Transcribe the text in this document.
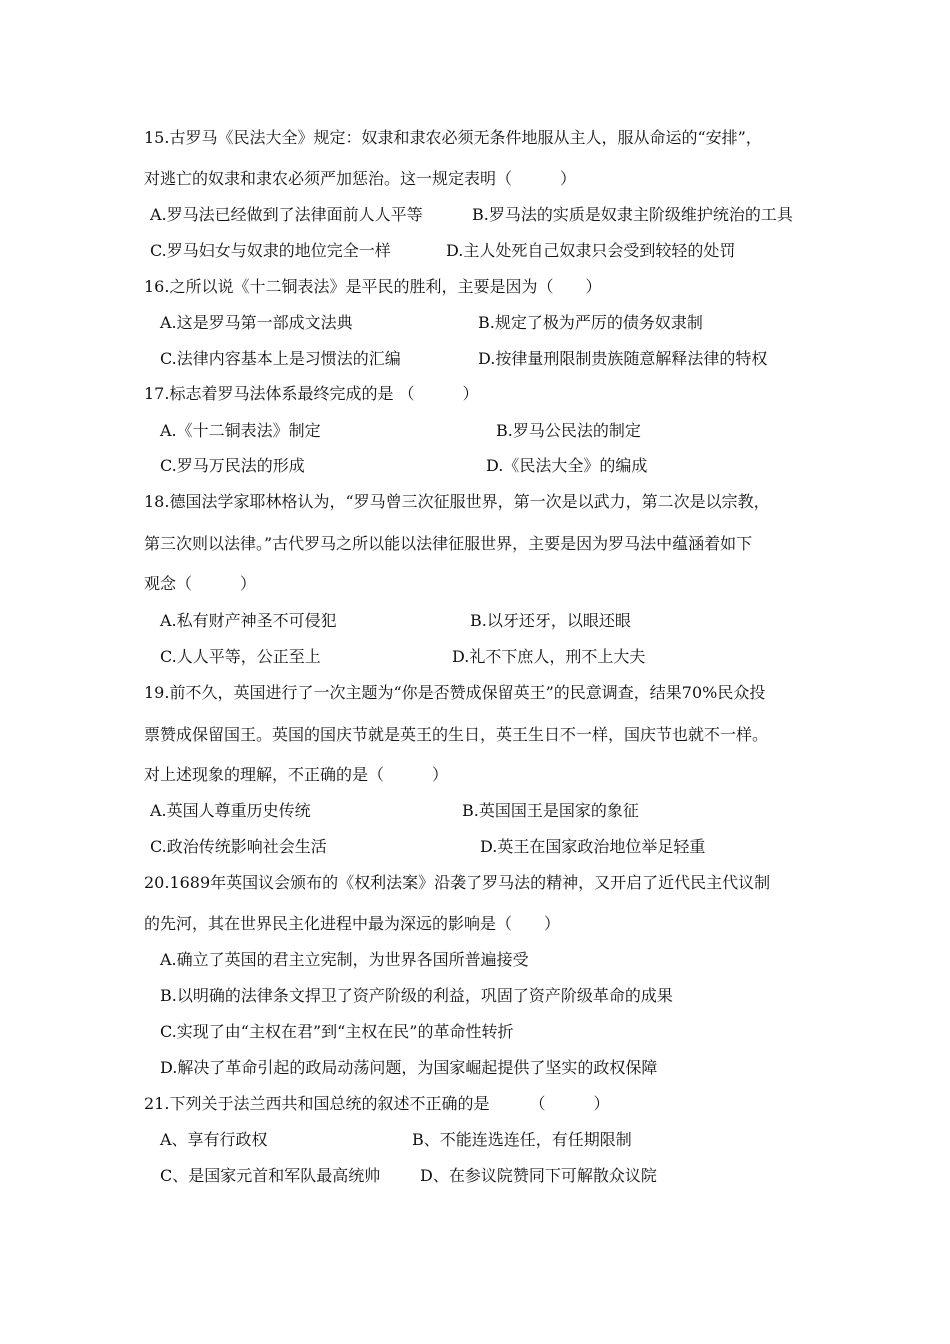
15.古罗马《民法大全》规定：奴隶和隶农必须无条件地服从主人，服从命运的“安排”，
对逃亡的奴隶和隶农必须严加惩治。这一规定表明（　　　）
A.罗马法已经做到了法律面前人人平等	B.罗马法的实质是奴隶主阶级维护统治的工具
C.罗马妇女与奴隶的地位完全一样	D.主人处死自己奴隶只会受到较轻的处罚
16.之所以说《十二铜表法》是平民的胜利，主要是因为（　　）
A.这是罗马第一部成文法典	B.规定了极为严厉的债务奴隶制
C.法律内容基本上是习惯法的汇编	D.按律量刑限制贵族随意解释法律的特权
17.标志着罗马法体系最终完成的是 （　　　）
A.《十二铜表法》制定	B.罗马公民法的制定
C.罗马万民法的形成	D.《民法大全》的编成
18.德国法学家耶林格认为，“罗马曾三次征服世界，第一次是以武力，第二次是以宗教，
第三次则以法律。”古代罗马之所以能以法律征服世界，主要是因为罗马法中蕴涵着如下
观念（　　　）
A.私有财产神圣不可侵犯	B.以牙还牙，以眼还眼
C.人人平等，公正至上	D.礼不下庶人，刑不上大夫
19.前不久，英国进行了一次主题为“你是否赞成保留英王”的民意调查，结果70%民众投
票赞成保留国王。英国的国庆节就是英王的生日，英王生日不一样，国庆节也就不一样。
对上述现象的理解，不正确的是（　　　）
A.英国人尊重历史传统	B.英国国王是国家的象征
C.政治传统影响社会生活	D.英王在国家政治地位举足轻重
20.1689年英国议会颁布的《权利法案》沿袭了罗马法的精神，又开启了近代民主代议制
的先河，其在世界民主化进程中最为深远的影响是（　　）
A.确立了英国的君主立宪制，为世界各国所普遍接受
B.以明确的法律条文捍卫了资产阶级的利益，巩固了资产阶级革命的成果
C.实现了由“主权在君”到“主权在民”的革命性转折
D.解决了革命引起的政局动荡问题，为国家崛起提供了坚实的政权保障
21.下列关于法兰西共和国总统的叙述不正确的是　　　（　　　）
A、享有行政权	B、不能连选连任，有任期限制
C、是国家元首和军队最高统帅 D、在参议院赞同下可解散众议院
